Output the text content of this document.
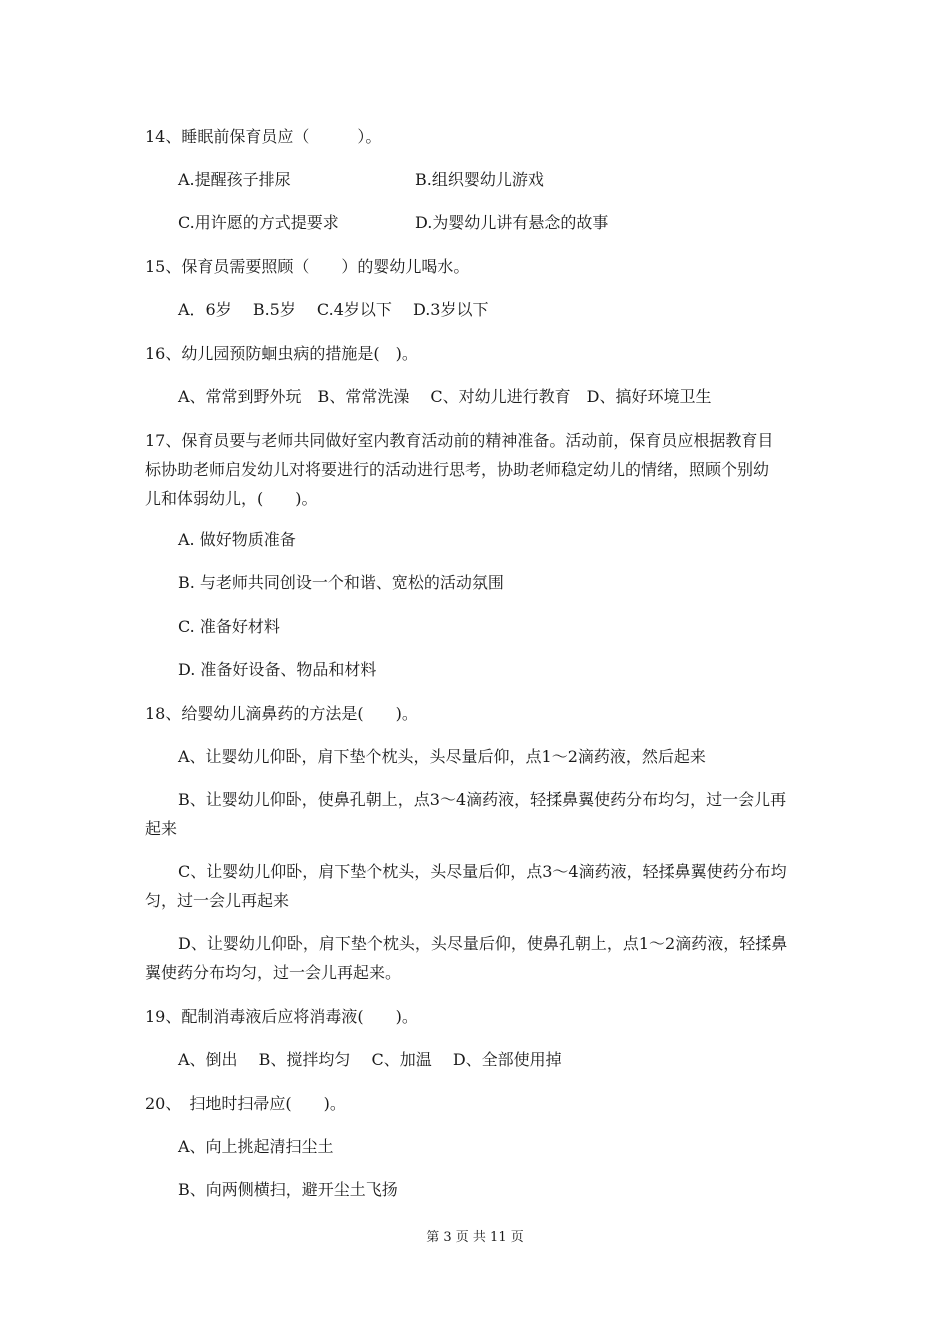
14、睡眠前保育员应（　　　）。
A.提醒孩子排尿	B.组织婴幼儿游戏
C.用许愿的方式提要求	D.为婴幼儿讲有悬念的故事
15、保育员需要照顾（　　）的婴幼儿喝水。
A．6岁　 B.5岁　 C.4岁以下　 D.3岁以下
16、幼儿园预防蛔虫病的措施是(　)。
A、常常到野外玩　B、常常洗澡　 C、对幼儿进行教育　D、搞好环境卫生
17、保育员要与老师共同做好室内教育活动前的精神准备。活动前，保育员应根据教育目
标协助老师启发幼儿对将要进行的活动进行思考，协助老师稳定幼儿的情绪，照顾个别幼
儿和体弱幼儿，(　　)。
A. 做好物质准备
B. 与老师共同创设一个和谐、宽松的活动氛围
C. 准备好材料
D. 准备好设备、物品和材料
18、给婴幼儿滴鼻药的方法是(　　)。
A、让婴幼儿仰卧，肩下垫个枕头，头尽量后仰，点1～2滴药液，然后起来
B、让婴幼儿仰卧，使鼻孔朝上，点3～4滴药液，轻揉鼻翼使药分布均匀，过一会儿再
起来
C、让婴幼儿仰卧，肩下垫个枕头，头尽量后仰，点3～4滴药液，轻揉鼻翼使药分布均
匀，过一会儿再起来
D、让婴幼儿仰卧，肩下垫个枕头，头尽量后仰，使鼻孔朝上，点1～2滴药液，轻揉鼻
翼使药分布均匀，过一会儿再起来。
19、配制消毒液后应将消毒液(　　)。
A、倒出　 B、搅拌均匀　 C、加温　 D、全部使用掉
20、　扫地时扫帚应(　　)。
A、向上挑起清扫尘土
B、向两侧横扫，避开尘土飞扬
第 3 页 共 11 页
